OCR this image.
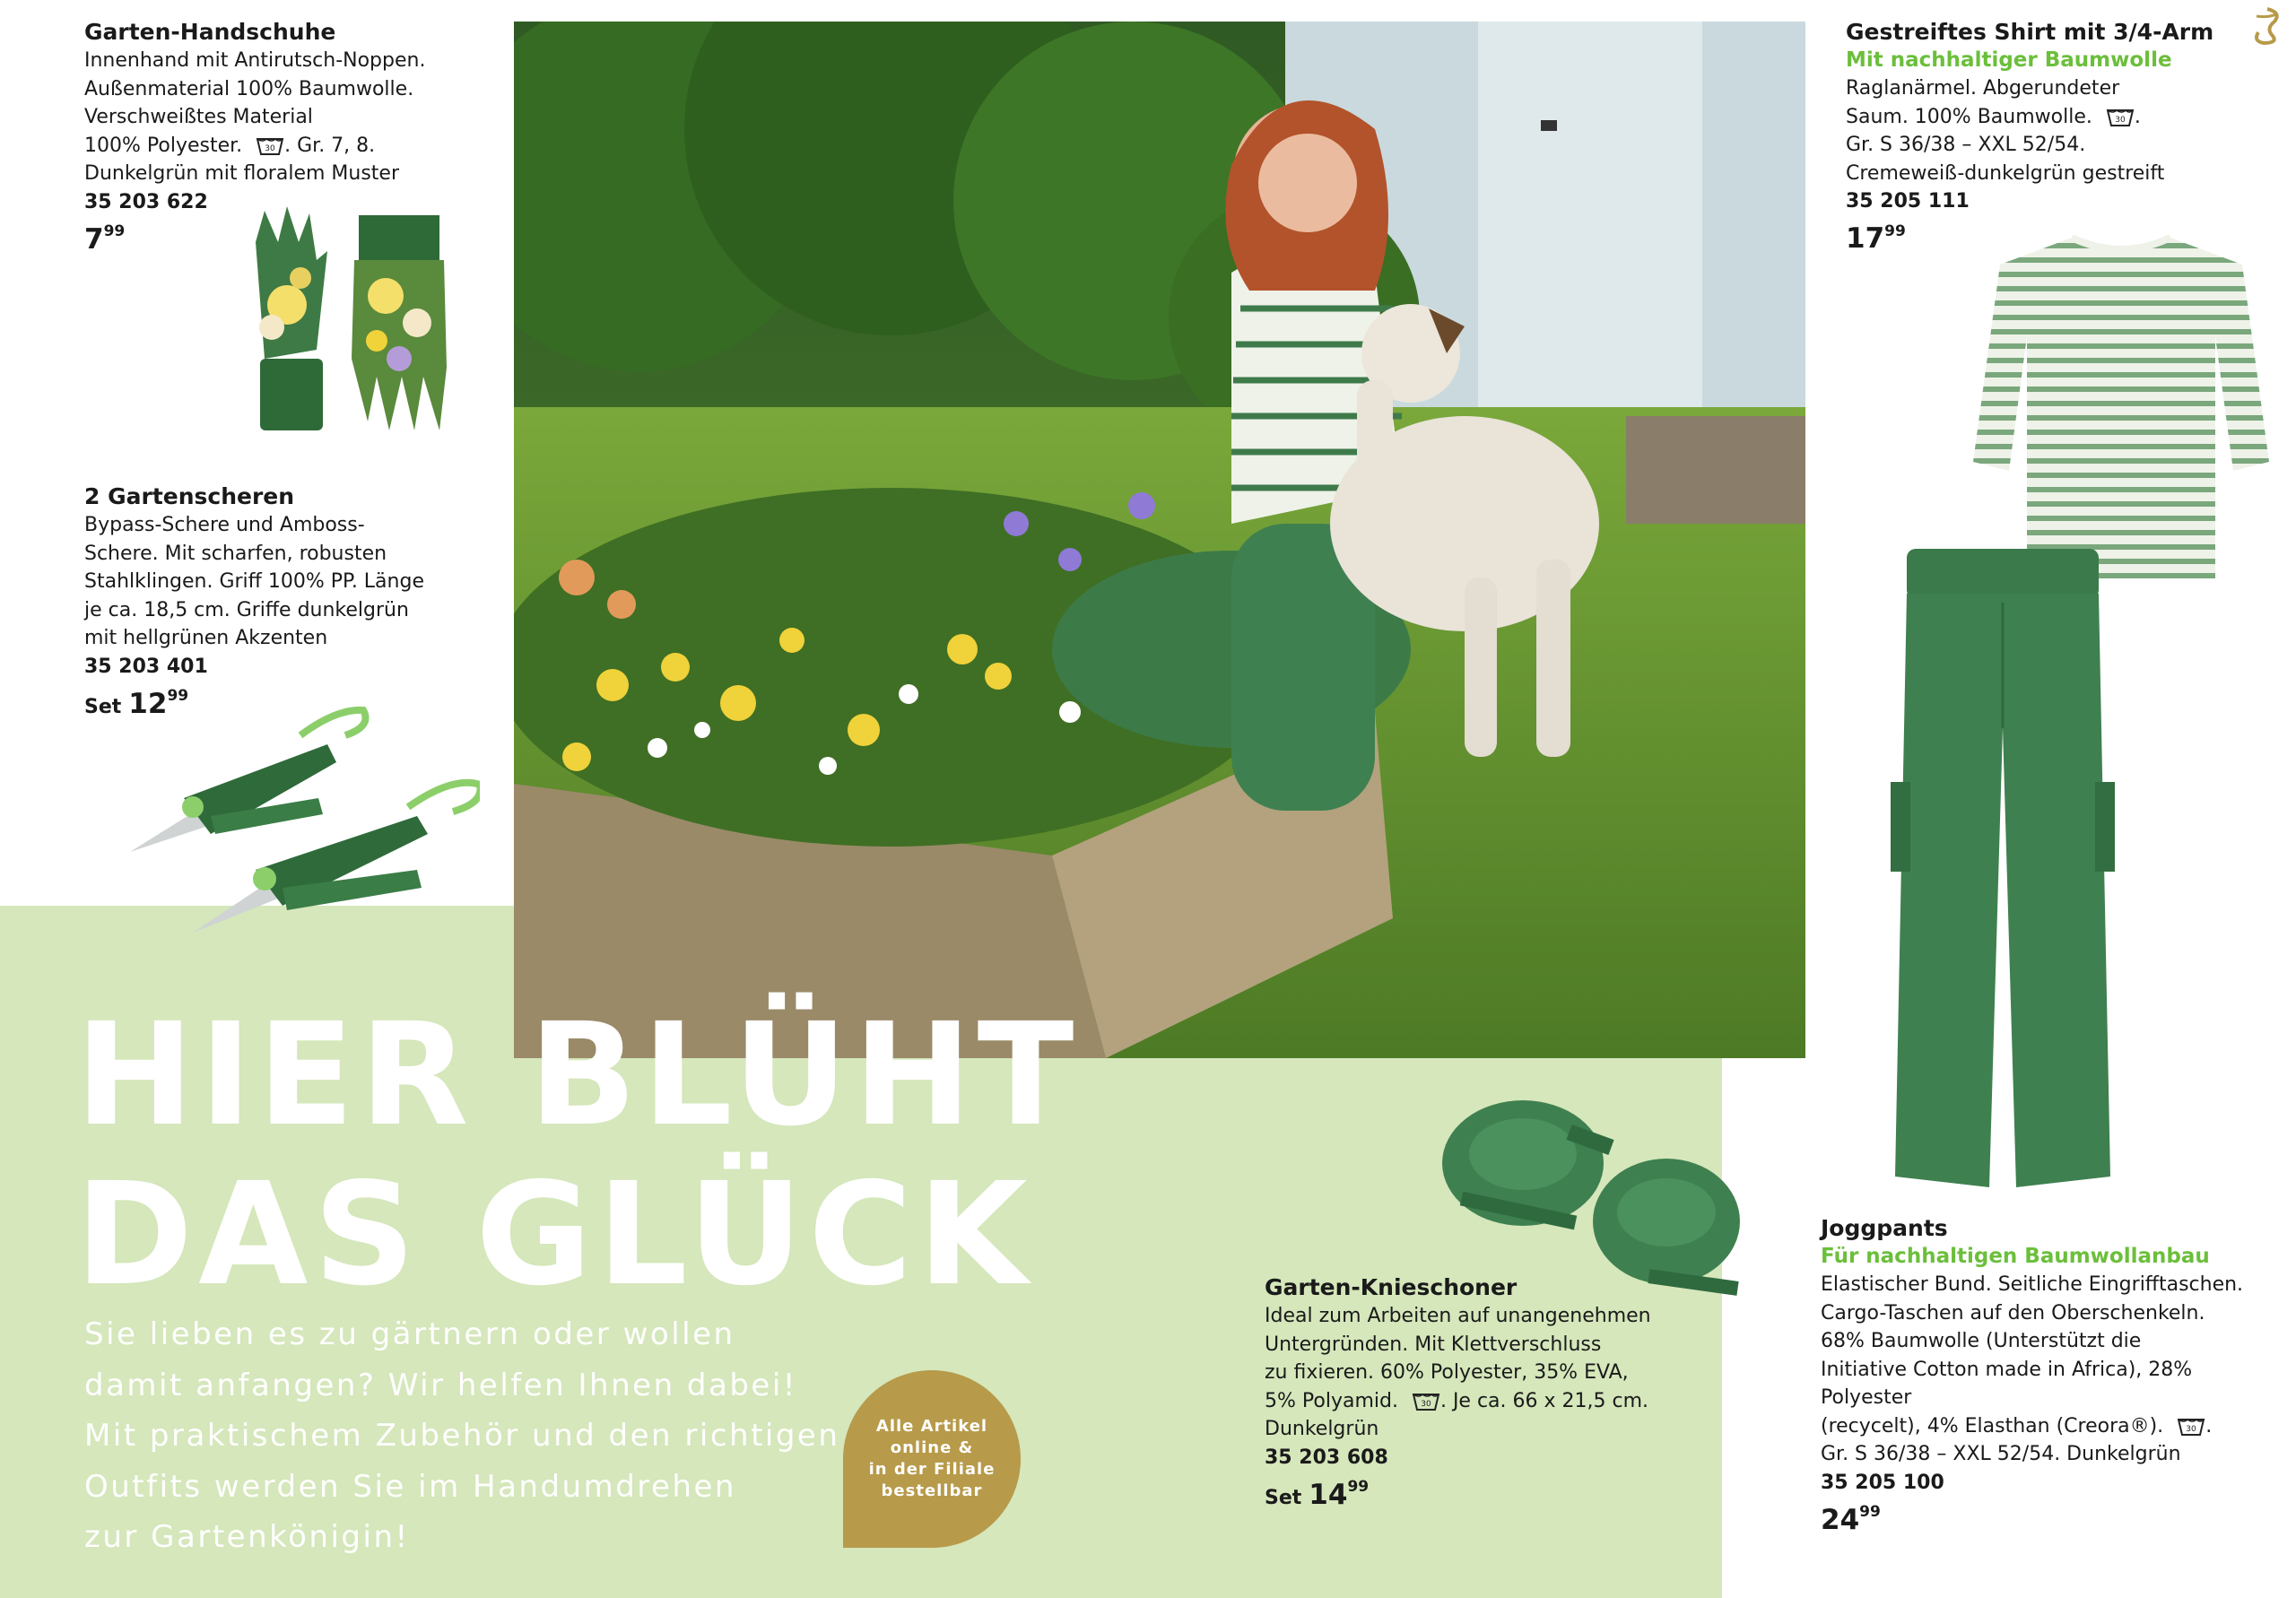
Garten-Handschuhe
Innenhand mit Antirutsch-Noppen.
Außenmaterial 100% Baumwolle.
Verschweißtes Material
100% Polyester.	30 . Gr. 7, 8.
Dunkelgrün mit floralem Muster
35 203 622
$7^{99}$
2 Gartenscheren
Bypass-Schere und Amboss-
Schere. Mit scharfen, robusten
Stahlklingen. Griff 100% PP. Länge
je ca. 18,5 cm. Griffe dunkelgrün
mit hellgrünen Akzenten
35 203 401
Set $12^{99}$
Gestreiftes Shirt mit 3/4-Arm
Mit nachhaltiger Baumwolle
Raglanärmel. Abgerundeter
Saum. 100% Baumwolle.	30 .
Gr. S 36/38 – XXL 52/54.
Cremeweiß-dunkelgrün gestreift
35 205 111
$17^{99}$
HIER BLÜHT
DAS GLÜCK
Sie lieben es zu gärtnern oder wollen
damit anfangen? Wir helfen Ihnen dabei!
Mit praktischem Zubehör und den richtigen
Outfits werden Sie im Handumdrehen
zur Gartenkönigin!
Alle Artikel
online &
in der Filiale
bestellbar
Garten-Knieschoner
Ideal zum Arbeiten auf unangenehmen
Untergründen. Mit Klettverschluss
zu fixieren. 60% Polyester, 35% EVA,
5% Polyamid.	30 . Je ca. 66 x 21,5 cm.
Dunkelgrün
35 203 608
Set $14^{99}$
Joggpants
Für nachhaltigen Baumwollanbau
Elastischer Bund. Seitliche Eingrifftaschen.
Cargo-Taschen auf den Oberschenkeln.
68% Baumwolle (Unterstützt die
Initiative Cotton made in Africa), 28% Polyester
(recycelt), 4% Elasthan (Creora®).	30 .
Gr. S 36/38 – XXL 52/54. Dunkelgrün
35 205 100
$24^{99}$
